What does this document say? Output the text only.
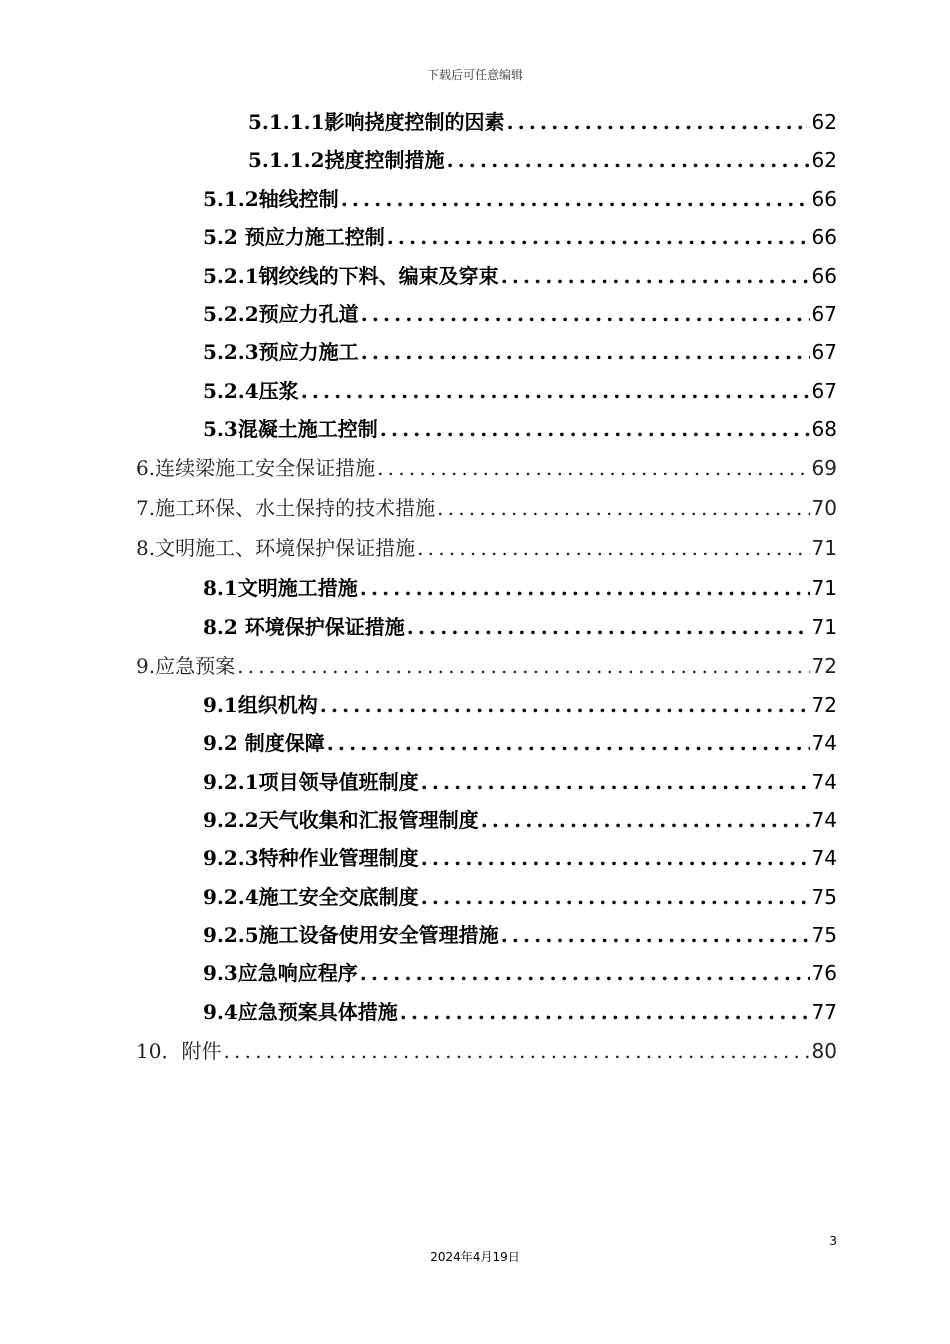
下载后可任意编辑
5.1.1.1影响挠度控制的因素 .....	62
5.1.1.2挠度控制措施 .....	62
5.1.2轴线控制 .....	66
5.2 预应力施工控制 .....	66
5.2.1钢绞线的下料、编束及穿束 .....	66
5.2.2预应力孔道 .....	67
5.2.3预应力施工 .....	67
5.2.4压浆 .....	67
5.3混凝土施工控制 .....	68
6.连续梁施工安全保证措施 .....	69
7.施工环保、水土保持的技术措施 .....	70
8.文明施工、环境保护保证措施 .....	71
8.1文明施工措施 .....	71
8.2 环境保护保证措施 .....	71
9.应急预案 .....	72
9.1组织机构 .....	72
9.2 制度保障 .....	74
9.2.1项目领导值班制度 .....	74
9.2.2天气收集和汇报管理制度 .....	74
9.2.3特种作业管理制度 .....	74
9.2.4施工安全交底制度 .....	75
9.2.5施工设备使用安全管理措施 .....	75
9.3应急响应程序 .....	76
9.4应急预案具体措施 .....	77
10．附件 .....	80
3
2024年4月19日
